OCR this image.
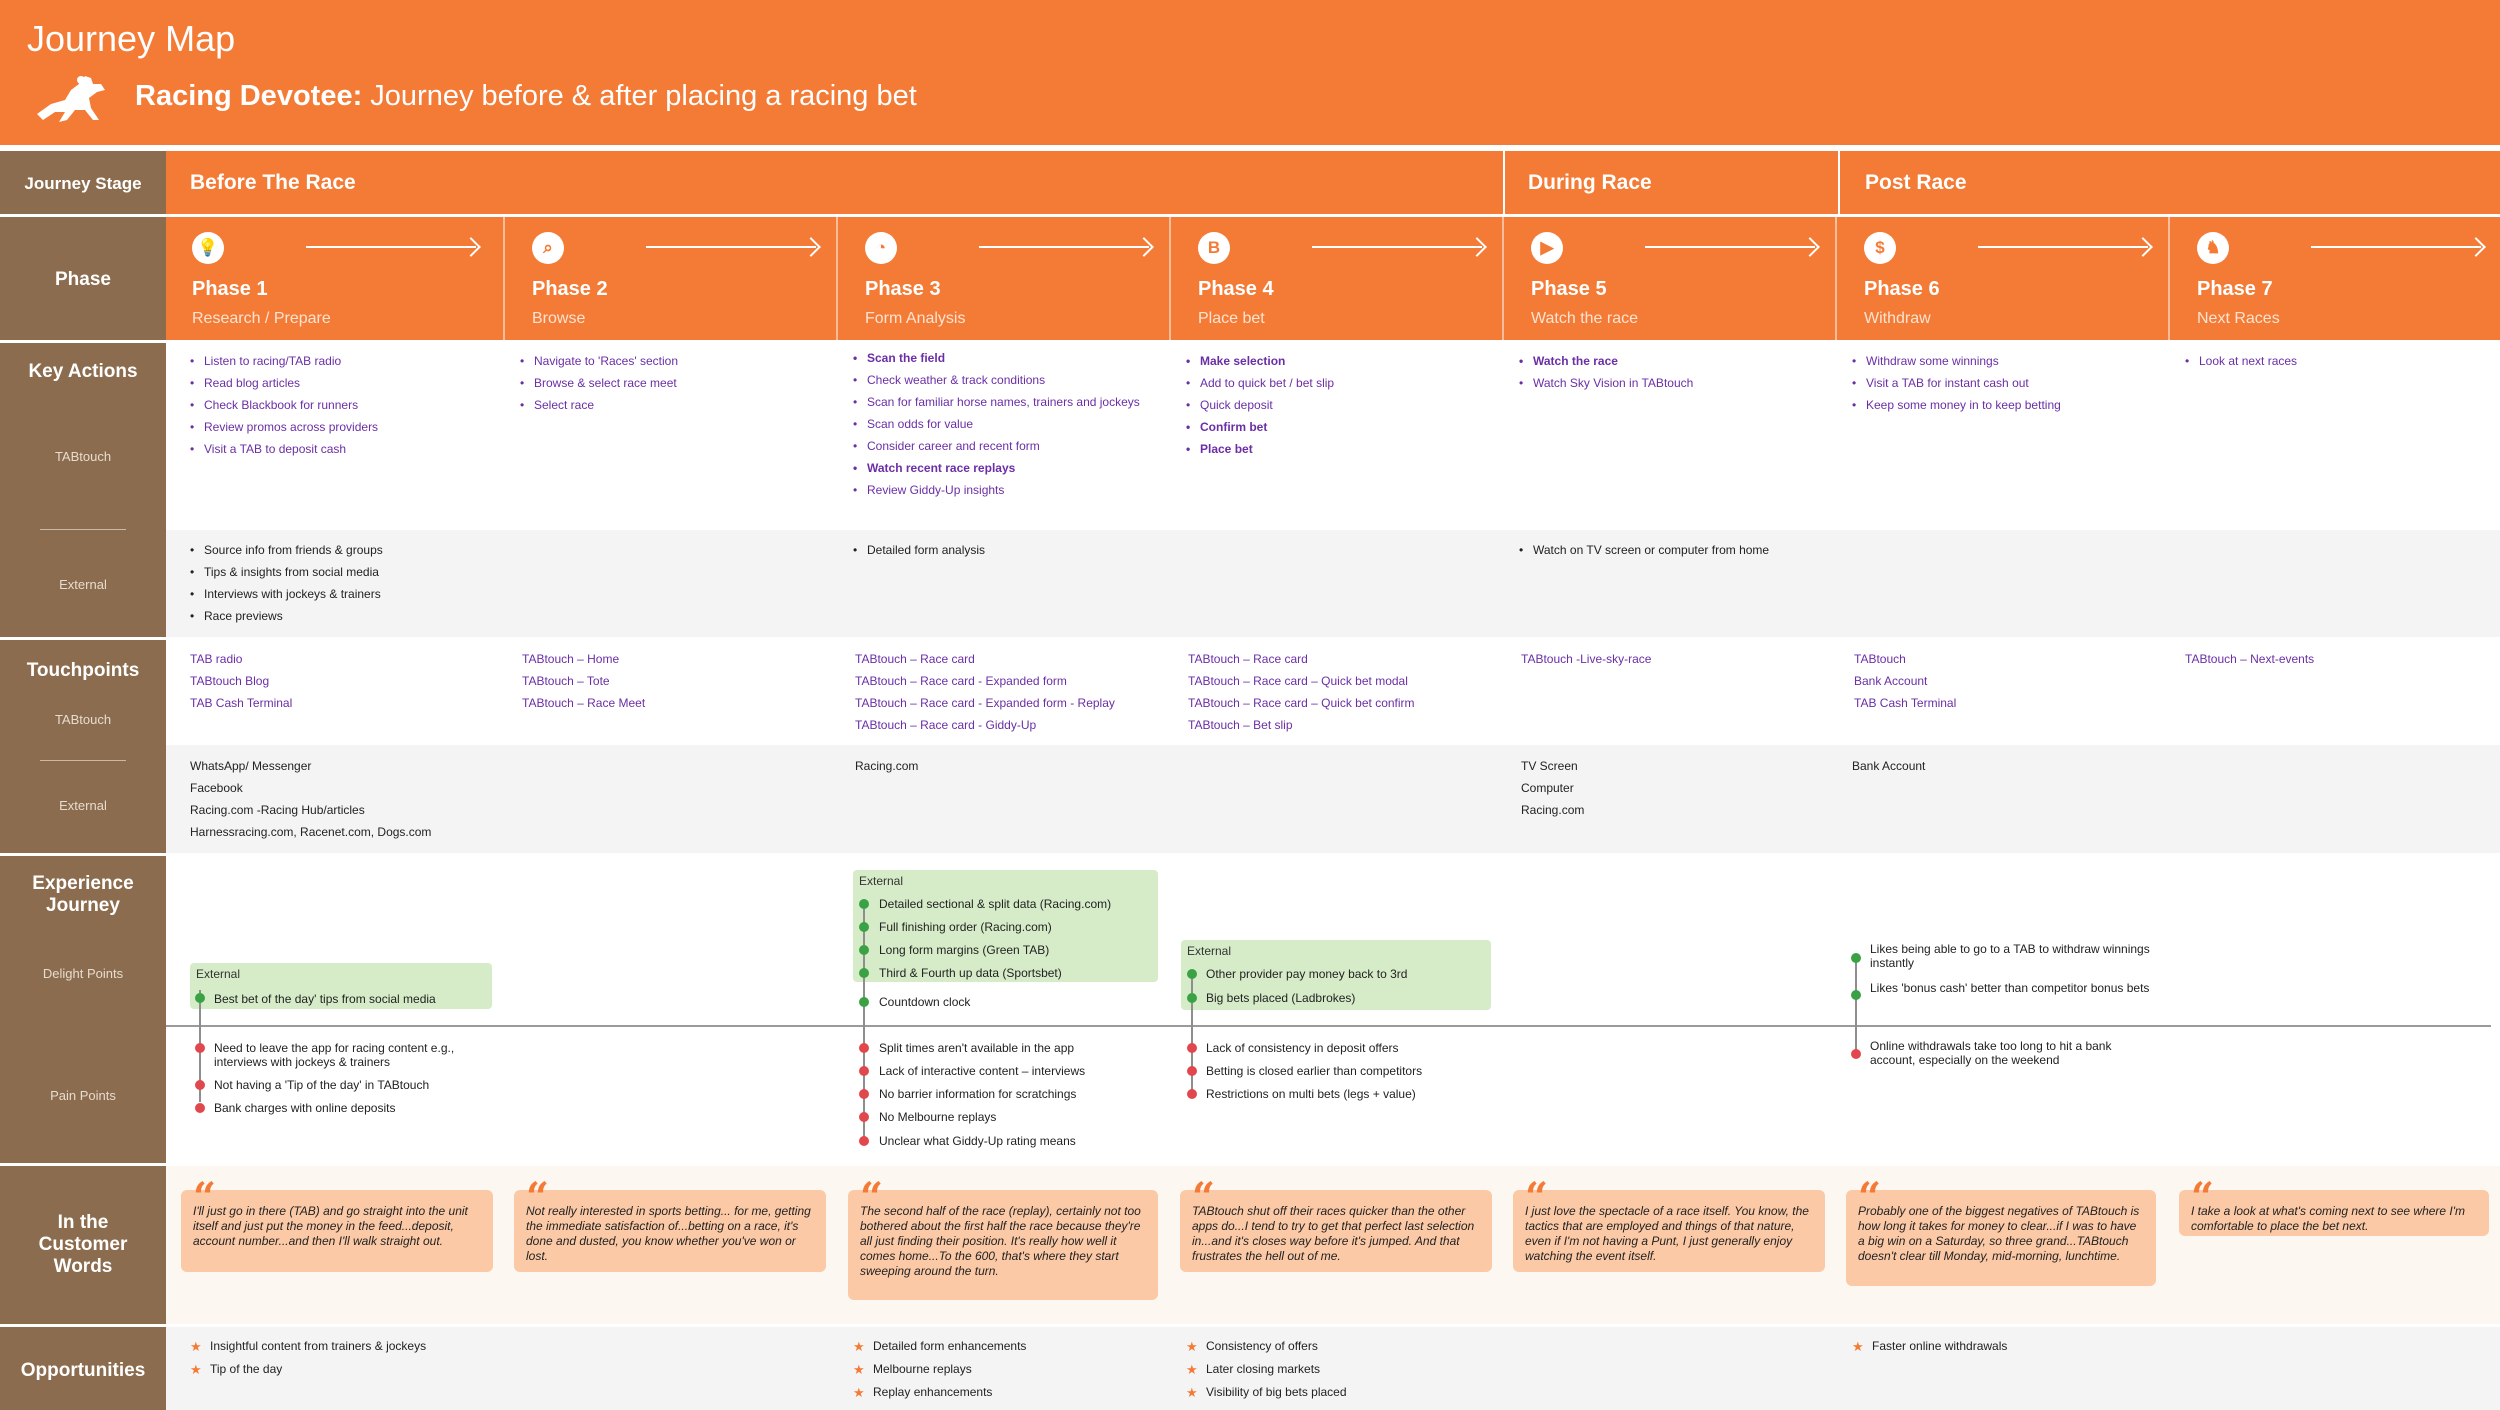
Journey Map
Racing Devotee: Journey before & after placing a racing bet
Before The Race	During Race	Post Race
💡
Phase 1
Research / Prepare
⌕
Phase 2
Browse
◔
Phase 3
Form Analysis
B
Phase 4
Place bet
▶
Phase 5
Watch the race
$
Phase 6
Withdraw
♞
Phase 7
Next Races
Journey Stage
Phase
Key Actions
TABtouch
External
Touchpoints
TABtouch
External
Experience Journey
Delight Points
Pain Points
In the Customer Words
Opportunities
• Listen to racing/TAB radio
• Read blog articles
• Check Blackbook for runners
• Review promos across providers
• Visit a TAB to deposit cash
• Navigate to 'Races' section
• Browse & select race meet
• Select race
• Scan the field
• Check weather & track conditions
• Scan for familiar horse names, trainers and jockeys
• Scan odds for value
• Consider career and recent form
• Watch recent race replays
• Review Giddy-Up insights
• Make selection
• Add to quick bet / bet slip
• Quick deposit
• Confirm bet
• Place bet
• Watch the race
• Watch Sky Vision in TABtouch
• Withdraw some winnings
• Visit a TAB for instant cash out
• Keep some money in to keep betting
• Look at next races
• Source info from friends & groups
• Tips & insights from social media
• Interviews with jockeys & trainers
• Race previews
• Detailed form analysis
•	Watch on TV screen or computer from home
TAB radio
TABtouch Blog
TAB Cash Terminal
TABtouch – Home
TABtouch – Tote
TABtouch – Race Meet
TABtouch – Race card
TABtouch – Race card - Expanded form
TABtouch – Race card - Expanded form - Replay
TABtouch – Race card - Giddy-Up
TABtouch – Race card
TABtouch – Race card – Quick bet modal
TABtouch – Race card – Quick bet confirm
TABtouch – Bet slip
TABtouch -Live-sky-race	TABtouch
Bank Account
TAB Cash Terminal
TABtouch – Next-events
WhatsApp/ Messenger
Facebook
Racing.com -Racing Hub/articles
Harnessracing.com, Racenet.com, Dogs.com
Racing.com	TV Screen
Computer
Racing.com
Bank Account
External
Best bet of the day' tips from social media
Need to leave the app for racing content e.g., interviews with jockeys & trainers
Not having a 'Tip of the day' in TABtouch
Bank charges with online deposits
External
Detailed sectional & split data (Racing.com)
Full finishing order (Racing.com)
Long form margins (Green TAB)
Third & Fourth up data (Sportsbet)
Countdown clock
Split times aren't available in the app
Lack of interactive content – interviews
No barrier information for scratchings
No Melbourne replays
Unclear what Giddy-Up rating means
External
Other provider pay money back to 3rd
Big bets placed (Ladbrokes)
Lack of consistency in deposit offers
Betting is closed earlier than competitors
Restrictions on multi bets (legs + value)
Likes being able to go to a TAB to withdraw winnings instantly
Likes 'bonus cash' better than competitor bonus bets
Online withdrawals take too long to hit a bank account, especially on the weekend
“
I'll just go in there (TAB) and go straight into the unit itself and just put the money in the feed...deposit, account number...and then I'll walk straight out.
“
Not really interested in sports betting... for me, getting the immediate satisfaction of...betting on a race, it's done and dusted, you know whether you've won or lost.
“
The second half of the race (replay), certainly not too bothered about the first half the race because they're all just finding their position. It's really how well it comes home...To the 600, that's where they start sweeping around the turn.
“
TABtouch shut off their races quicker than the other apps do...I tend to try to get that perfect last selection in...and it's closes way before it's jumped. And that frustrates the hell out of me.
“
I just love the spectacle of a race itself. You know, the tactics that are employed and things of that nature, even if I'm not having a Punt, I just generally enjoy watching the event itself.
“
Probably one of the biggest negatives of TABtouch is how long it takes for money to clear...if I was to have a big win on a Saturday, so three grand...TABtouch doesn't clear till Monday, mid-morning, lunchtime.
“
I take a look at what's coming next to see where I'm comfortable to place the bet next.
★ Insightful content from trainers & jockeys
★ Tip of the day
★ Detailed form enhancements
★ Melbourne replays
★ Replay enhancements
★ Consistency of offers
★ Later closing markets
★ Visibility of big bets placed
★ Faster online withdrawals
